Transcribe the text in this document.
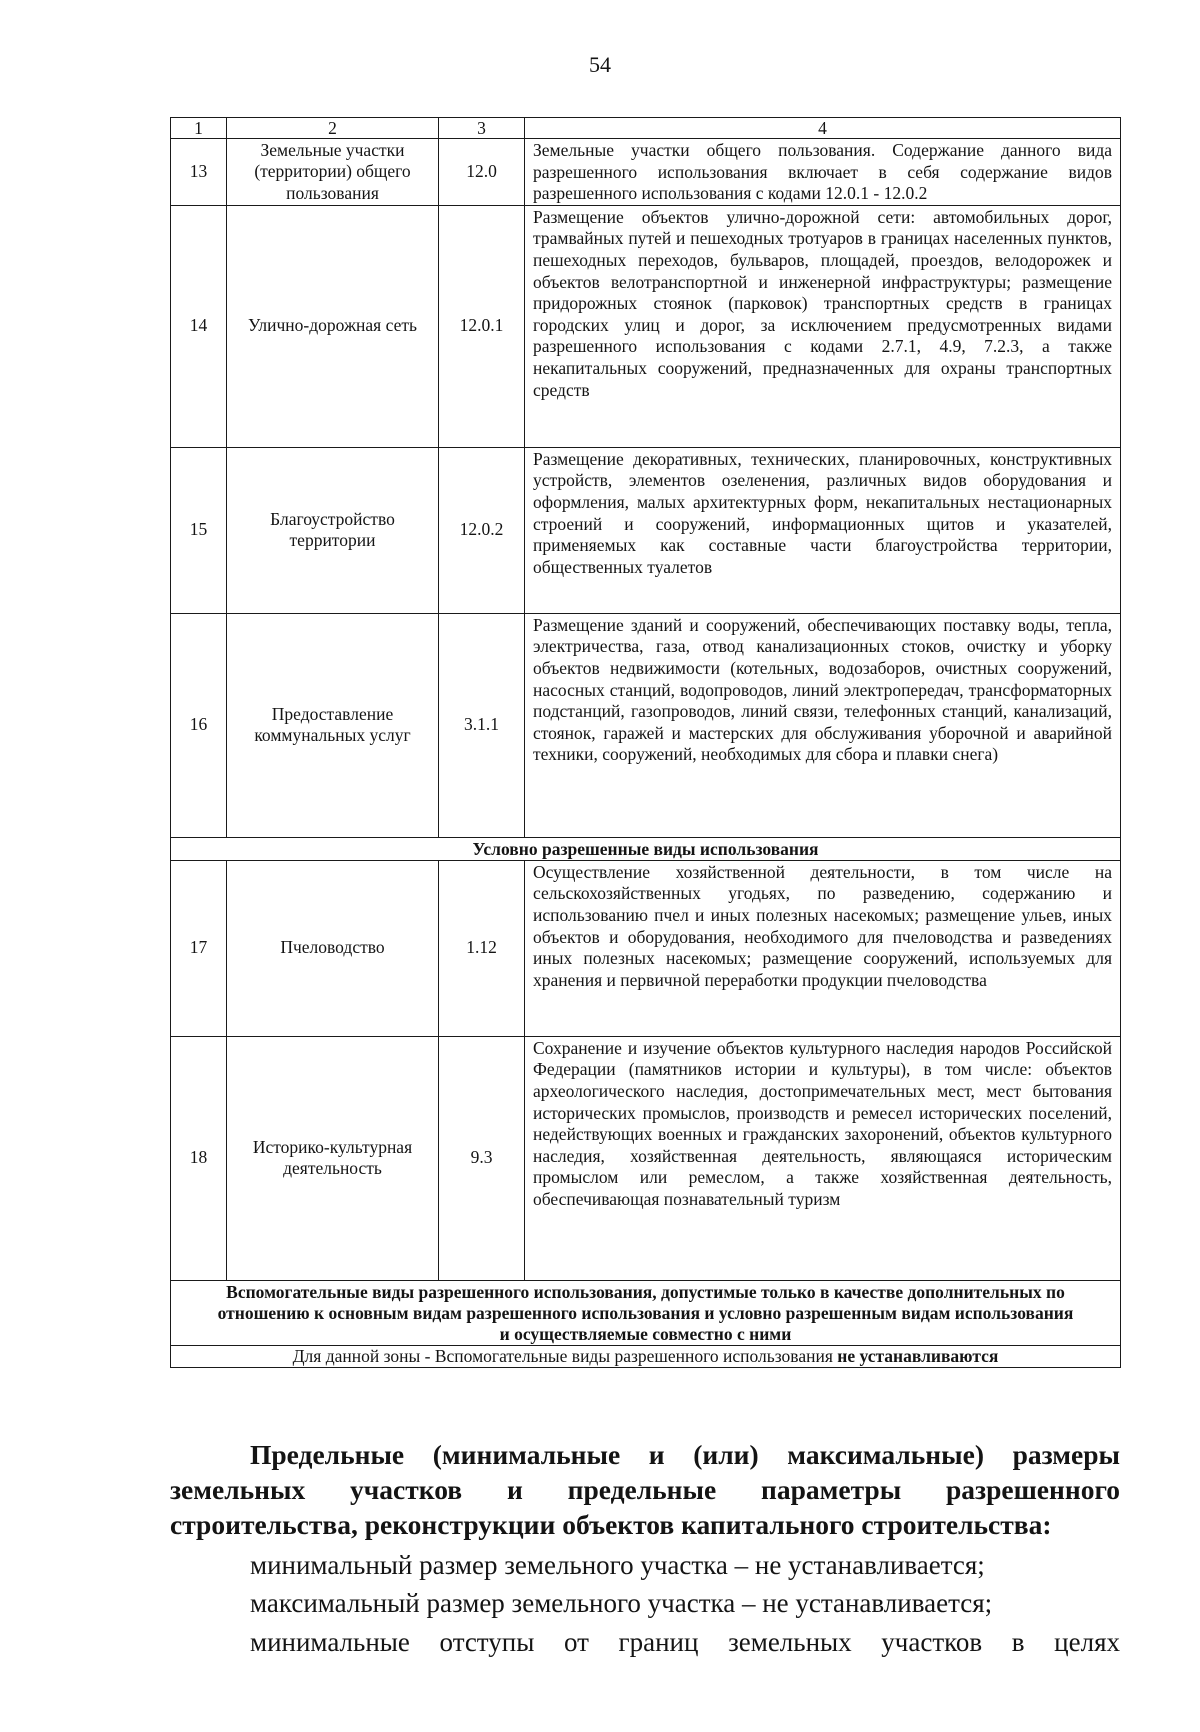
54
1	2	3	4
13	Земельные участки (территории) общего пользования	12.0	Земельные участки общего пользования. Содержание данного вида разрешенного использования включает в себя содержание видов разрешенного использования с кодами 12.0.1 - 12.0.2
14	Улично-дорожная сеть	12.0.1	Размещение объектов улично-дорожной сети: автомобильных дорог, трамвайных путей и пешеходных тротуаров в границах населенных пунктов, пешеходных переходов, бульваров, площадей, проездов, велодорожек и объектов велотранспортной и инженерной инфраструктуры; размещение придорожных стоянок (парковок) транспортных средств в границах городских улиц и дорог, за исключением предусмотренных видами разрешенного использования с кодами 2.7.1, 4.9, 7.2.3, а также некапитальных сооружений, предназначенных для охраны транспортных средств
15	Благоустройство территории	12.0.2	Размещение декоративных, технических, планировочных, конструктивных устройств, элементов озеленения, различных видов оборудования и оформления, малых архитектурных форм, некапитальных нестационарных строений и сооружений, информационных щитов и указателей, применяемых как составные части благоустройства территории, общественных туалетов
16	Предоставление коммунальных услуг	3.1.1	Размещение зданий и сооружений, обеспечивающих поставку воды, тепла, электричества, газа, отвод канализационных стоков, очистку и уборку объектов недвижимости (котельных, водозаборов, очистных сооружений, насосных станций, водопроводов, линий электропередач, трансформаторных подстанций, газопроводов, линий связи, телефонных станций, канализаций, стоянок, гаражей и мастерских для обслуживания уборочной и аварийной техники, сооружений, необходимых для сбора и плавки снега)
Условно разрешенные виды использования			
17	Пчеловодство	1.12	Осуществление хозяйственной деятельности, в том числе на сельскохозяйственных угодьях, по разведению, содержанию и использованию пчел и иных полезных насекомых; размещение ульев, иных объектов и оборудования, необходимого для пчеловодства и разведениях иных полезных насекомых; размещение сооружений, используемых для хранения и первичной переработки продукции пчеловодства
18	Историко-культурная деятельность	9.3	Сохранение и изучение объектов культурного наследия народов Российской Федерации (памятников истории и культуры), в том числе: объектов археологического наследия, достопримечательных мест, мест бытования исторических промыслов, производств и ремесел исторических поселений, недействующих военных и гражданских захоронений, объектов культурного наследия, хозяйственная деятельность, являющаяся историческим промыслом или ремеслом, а также хозяйственная деятельность, обеспечивающая познавательный туризм
Вспомогательные виды разрешенного использования, допустимые только в качестве дополнительных по отношению к основным видам разрешенного использования и условно разрешенным видам использования и осуществляемые совместно с ними			
Для данной зоны - Вспомогательные виды разрешенного использования не устанавливаются			
Предельные (минимальные и (или) максимальные) размеры
земельных участков и предельные параметры разрешенного
строительства, реконструкции объектов капитального строительства:
минимальный размер земельного участка – не устанавливается;
максимальный размер земельного участка – не устанавливается;
минимальные отступы от границ земельных участков в целях
